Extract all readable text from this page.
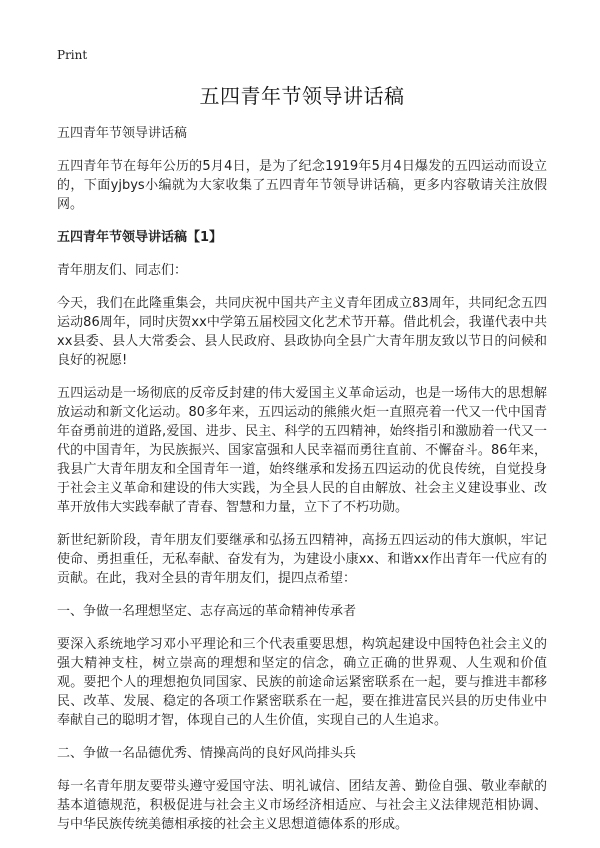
Print
五四青年节领导讲话稿

五四青年节领导讲话稿

五四青年节在每年公历的5月4日，是为了纪念1919年5月4日爆发的五四运动而设立的，下面yjbys小编就为大家收集了五四青年节领导讲话稿，更多内容敬请关注放假网。

五四青年节领导讲话稿【1】

青年朋友们、同志们：

今天，我们在此隆重集会，共同庆祝中国共产主义青年团成立83周年，共同纪念五四运动86周年，同时庆贺xx中学第五届校园文化艺术节开幕。借此机会，我谨代表中共xx县委、县人大常委会、县人民政府、县政协向全县广大青年朋友致以节日的问候和良好的祝愿!

五四运动是一场彻底的反帝反封建的伟大爱国主义革命运动，也是一场伟大的思想解放运动和新文化运动。80多年来，五四运动的熊熊火炬一直照亮着一代又一代中国青年奋勇前进的道路,爱国、进步、民主、科学的五四精神，始终指引和激励着一代又一代的中国青年，为民族振兴、国家富强和人民幸福而勇往直前、不懈奋斗。86年来，我县广大青年朋友和全国青年一道，始终继承和发扬五四运动的优良传统，自觉投身于社会主义革命和建设的伟大实践，为全县人民的自由解放、社会主义建设事业、改革开放伟大实践奉献了青春、智慧和力量，立下了不朽功勋。

新世纪新阶段，青年朋友们要继承和弘扬五四精神，高扬五四运动的伟大旗帜，牢记使命、勇担重任，无私奉献、奋发有为，为建设小康xx、和谐xx作出青年一代应有的贡献。在此，我对全县的青年朋友们，提四点希望：

一、争做一名理想坚定、志存高远的革命精神传承者

要深入系统地学习邓小平理论和三个代表重要思想，构筑起建设中国特色社会主义的强大精神支柱，树立崇高的理想和坚定的信念，确立正确的世界观、人生观和价值观。要把个人的理想抱负同国家、民族的前途命运紧密联系在一起，要与推进丰都移民、改革、发展、稳定的各项工作紧密联系在一起，要在推进富民兴县的历史伟业中奉献自己的聪明才智，体现自己的人生价值，实现自己的人生追求。

二、争做一名品德优秀、情操高尚的良好风尚排头兵

每一名青年朋友要带头遵守爱国守法、明礼诚信、团结友善、勤俭自强、敬业奉献的基本道德规范，积极促进与社会主义市场经济相适应、与社会主义法律规范相协调、与中华民族传统美德相承接的社会主义思想道德体系的形成。
